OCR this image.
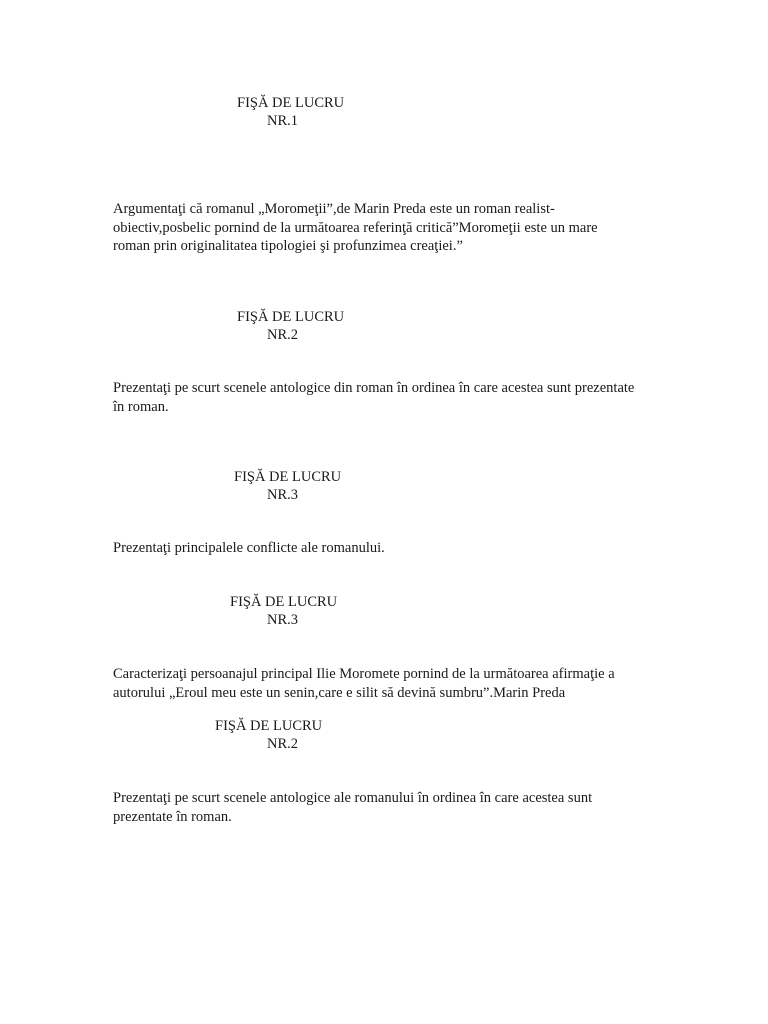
FIŞĂ DE LUCRU
NR.1
Argumentaţi că romanul „Moromeţii”,de Marin Preda este un roman realist-
obiectiv,posbelic pornind de la următoarea referinţă critică”Moromeţii este un mare
roman prin originalitatea tipologiei şi profunzimea creaţiei.”
FIŞĂ DE LUCRU
NR.2
Prezentaţi pe scurt scenele antologice din roman în ordinea în care acestea sunt prezentate
în roman.
FIŞĂ DE LUCRU
NR.3
Prezentaţi principalele conflicte ale romanului.
FIŞĂ DE LUCRU
NR.3
Caracterizaţi persoanajul principal Ilie Moromete pornind de la următoarea afirmaţie a
autorului „Eroul meu este un senin,care e silit să devină sumbru”.Marin Preda
FIŞĂ DE LUCRU
NR.2
Prezentaţi pe scurt scenele antologice ale romanului în ordinea în care acestea sunt
prezentate în roman.
